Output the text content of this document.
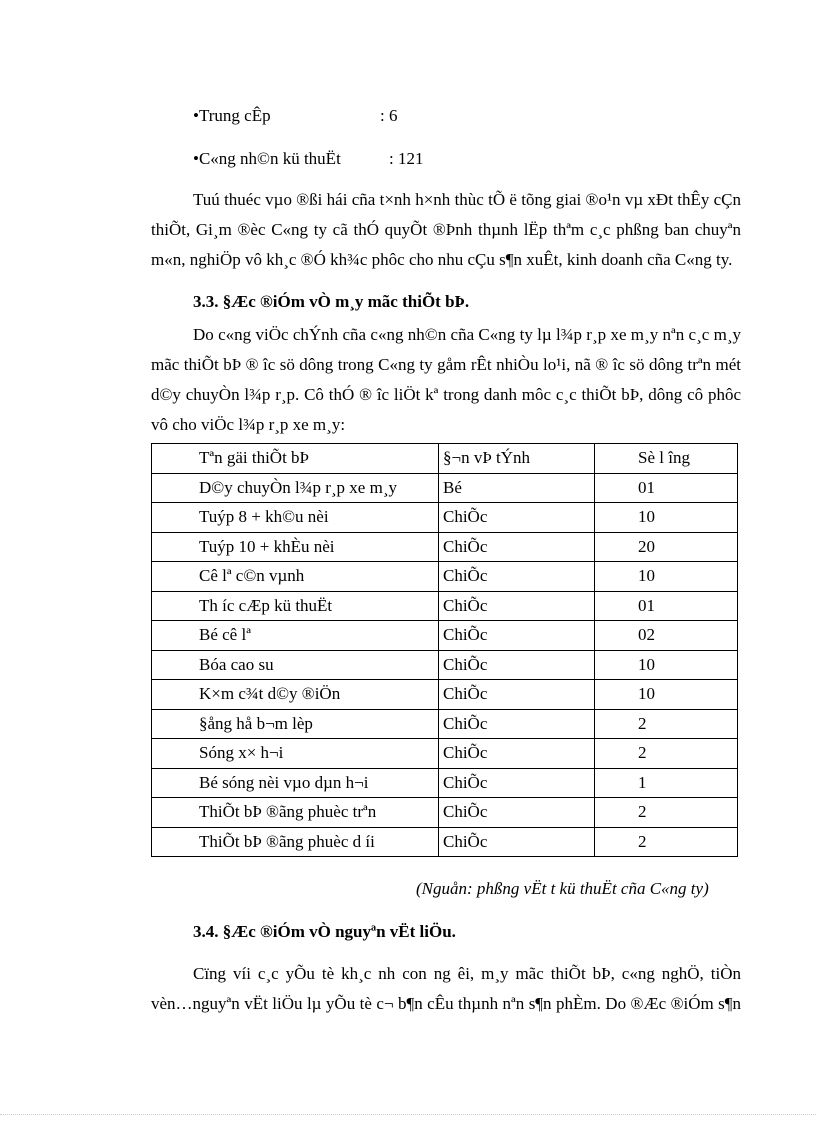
•Trung cÊp	: 6
•C«ng nh©n kü thuËt	: 121
Tuú thuéc vµo ®ßi hái cña t×nh h×nh thùc tÕ ë tõng giai ®o¹n vµ xÐt thÊy cÇn
thiÕt, Gi¸m ®èc C«ng ty cã thÓ quyÕt ®Þnh thµnh lËp thªm c¸c phßng ban chuyªn
m«n, nghiÖp vô kh¸c ®Ó kh¾c phôc cho nhu cÇu s¶n xuÊt, kinh doanh cña C«ng ty.
3.3. §Æc ®iÓm vÒ m¸y mãc thiÕt bÞ.
Do c«ng viÖc chÝnh cña c«ng nh©n cña C«ng ty lµ l¾p r¸p xe m¸y nªn c¸c m¸y
mãc thiÕt bÞ ® îc sö dông trong C«ng ty gåm rÊt nhiÒu lo¹i, nã ® îc sö dông trªn mét
d©y chuyÒn l¾p r¸p. Cô thÓ ® îc liÖt kª trong danh môc c¸c thiÕt bÞ, dông cô phôc
vô cho viÖc l¾p r¸p xe m¸y:
Tªn gäi thiÕt bÞ	§¬n vÞ tÝnh	Sè l îng
D©y chuyÒn l¾p r¸p xe m¸y	Bé	01
Tuýp 8 + kh©u nèi	ChiÕc	10
Tuýp 10 + khÈu nèi	ChiÕc	20
Cê lª c©n vµnh	ChiÕc	10
Th íc cÆp kü thuËt	ChiÕc	01
Bé cê lª	ChiÕc	02
Bóa cao su	ChiÕc	10
K×m c¾t d©y ®iÖn	ChiÕc	10
§ång hå b¬m lèp	ChiÕc	2
Sóng x× h¬i	ChiÕc	2
Bé sóng nèi vµo dµn h¬i	ChiÕc	1
ThiÕt bÞ ®ãng phuèc trªn	ChiÕc	2
ThiÕt bÞ ®ãng phuèc d íi	ChiÕc	2
(Nguån: phßng vËt t kü thuËt cña C«ng ty)
3.4. §Æc ®iÓm vÒ nguyªn vËt liÖu.
Cïng víi c¸c yÕu tè kh¸c nh con ng êi, m¸y mãc thiÕt bÞ, c«ng nghÖ, tiÒn
vèn…nguyªn vËt liÖu lµ yÕu tè c¬ b¶n cÊu thµnh nªn s¶n phÈm. Do ®Æc ®iÓm s¶n
